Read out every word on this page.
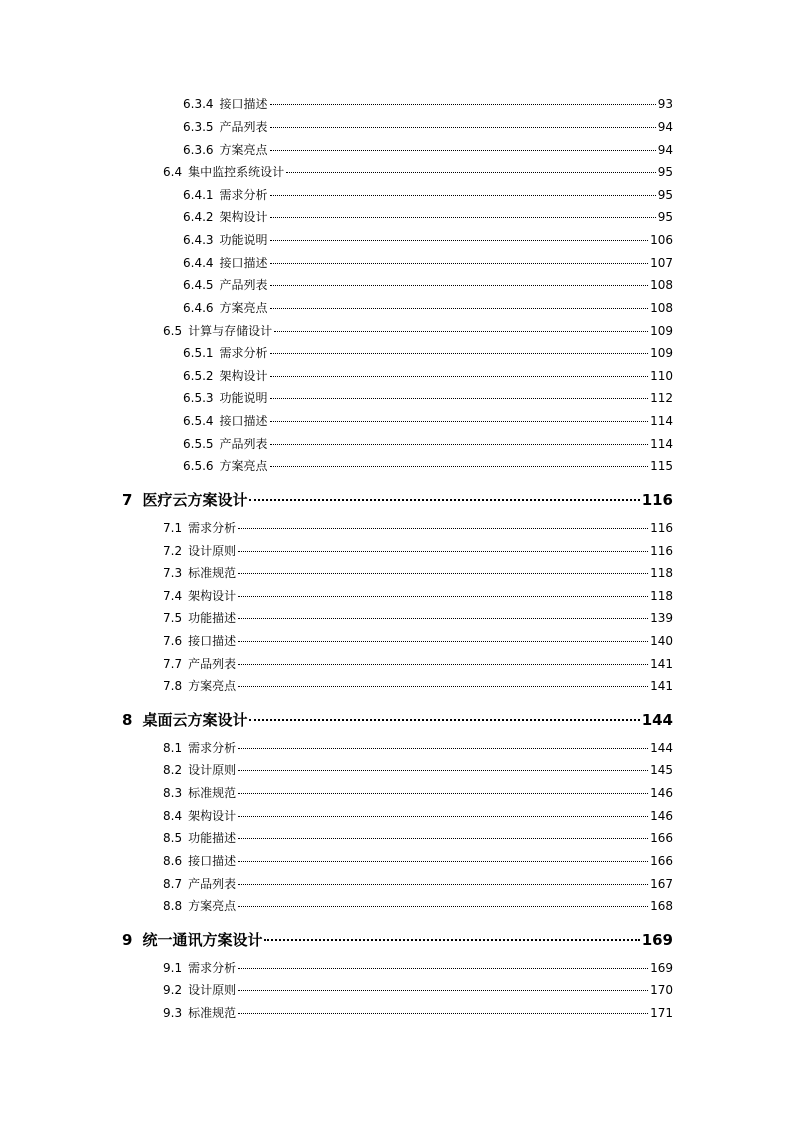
6.3.4 接口描述	93
6.3.5 产品列表	94
6.3.6 方案亮点	94
6.4 集中监控系统设计	95
6.4.1 需求分析	95
6.4.2 架构设计	95
6.4.3 功能说明	106
6.4.4 接口描述	107
6.4.5 产品列表	108
6.4.6 方案亮点	108
6.5 计算与存储设计	109
6.5.1 需求分析	109
6.5.2 架构设计	110
6.5.3 功能说明	112
6.5.4 接口描述	114
6.5.5 产品列表	114
6.5.6 方案亮点	115
7 医疗云方案设计	116
7.1 需求分析	116
7.2 设计原则	116
7.3 标准规范	118
7.4 架构设计	118
7.5 功能描述	139
7.6 接口描述	140
7.7 产品列表	141
7.8 方案亮点	141
8 桌面云方案设计	144
8.1 需求分析	144
8.2 设计原则	145
8.3 标准规范	146
8.4 架构设计	146
8.5 功能描述	166
8.6 接口描述	166
8.7 产品列表	167
8.8 方案亮点	168
9 统一通讯方案设计	169
9.1 需求分析	169
9.2 设计原则	170
9.3 标准规范	171
